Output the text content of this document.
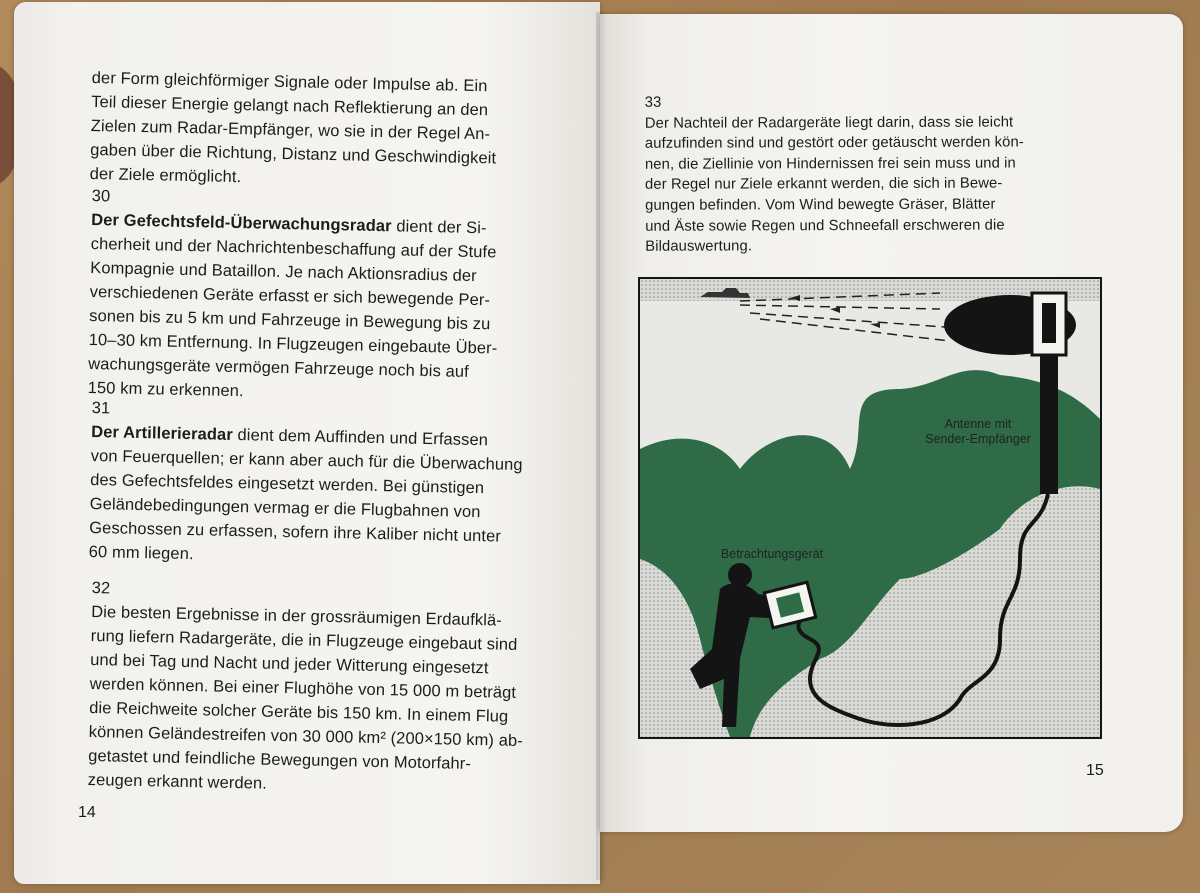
der Form gleichförmiger Signale oder Impulse ab. Ein

Teil dieser Energie gelangt nach Reflektierung an den

Zielen zum Radar-Empfänger, wo sie in der Regel An-

gaben über die Richtung, Distanz und Geschwindigkeit

der Ziele ermöglicht.

30

Der Gefechtsfeld-Überwachungsradar dient der Si-

cherheit und der Nachrichtenbeschaffung auf der Stufe

Kompagnie und Bataillon. Je nach Aktionsradius der

verschiedenen Geräte erfasst er sich bewegende Per-

sonen bis zu 5 km und Fahrzeuge in Bewegung bis zu

10–30 km Entfernung. In Flugzeugen eingebaute Über-

wachungsgeräte vermögen Fahrzeuge noch bis auf

150 km zu erkennen.

31

Der Artillerieradar dient dem Auffinden und Erfassen

von Feuerquellen; er kann aber auch für die Überwachung

des Gefechtsfeldes eingesetzt werden. Bei günstigen

Geländebedingungen vermag er die Flugbahnen von

Geschossen zu erfassen, sofern ihre Kaliber nicht unter

60 mm liegen.

32

Die besten Ergebnisse in der grossräumigen Erdaufklä-

rung liefern Radargeräte, die in Flugzeuge eingebaut sind

und bei Tag und Nacht und jeder Witterung eingesetzt

werden können. Bei einer Flughöhe von 15 000 m beträgt

die Reichweite solcher Geräte bis 150 km. In einem Flug

können Geländestreifen von 30 000 km² (200×150 km) ab-

getastet und feindliche Bewegungen von Motorfahr-

zeugen erkannt werden.

14
33

Der Nachteil der Radargeräte liegt darin, dass sie leicht

aufzufinden sind und gestört oder getäuscht werden kön-

nen, die Ziellinie von Hindernissen frei sein muss und in

der Regel nur Ziele erkannt werden, die sich in Bewe-

gungen befinden. Vom Wind bewegte Gräser, Blätter

und Äste sowie Regen und Schneefall erschweren die

Bildauswertung.

Antenne mit
Sender-Empfänger
Betrachtungsgerät
15
